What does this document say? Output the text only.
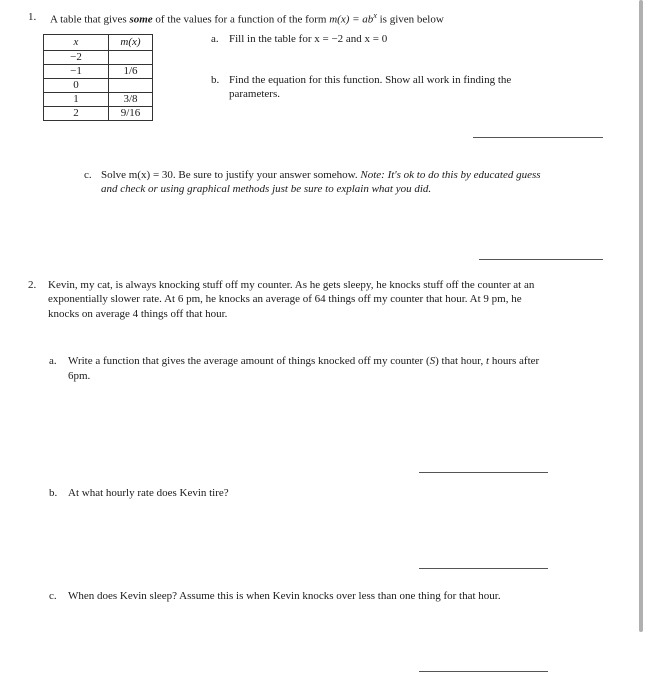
1. A table that gives some of the values for a function of the form $m(x) = ab^x$ is given below

x	m(x)
−2	
−1	1/6
0	
1	3/8
2	9/16
a. Fill in the table for x = −2 and x = 0
b. Find the equation for this function. Show all work in finding the
parameters.
c. Solve m(x) = 30. Be sure to justify your answer somehow. Note: It's ok to do this by educated guess
and check or using graphical methods just be sure to explain what you did.
2. Kevin, my cat, is always knocking stuff off my counter. As he gets sleepy, he knocks stuff off the counter at an
exponentially slower rate. At 6 pm, he knocks an average of 64 things off my counter that hour. At 9 pm, he
knocks on average 4 things off that hour.
a. Write a function that gives the average amount of things knocked off my counter (S) that hour, t hours after
6pm.
b. At what hourly rate does Kevin tire?
c. When does Kevin sleep? Assume this is when Kevin knocks over less than one thing for that hour.
